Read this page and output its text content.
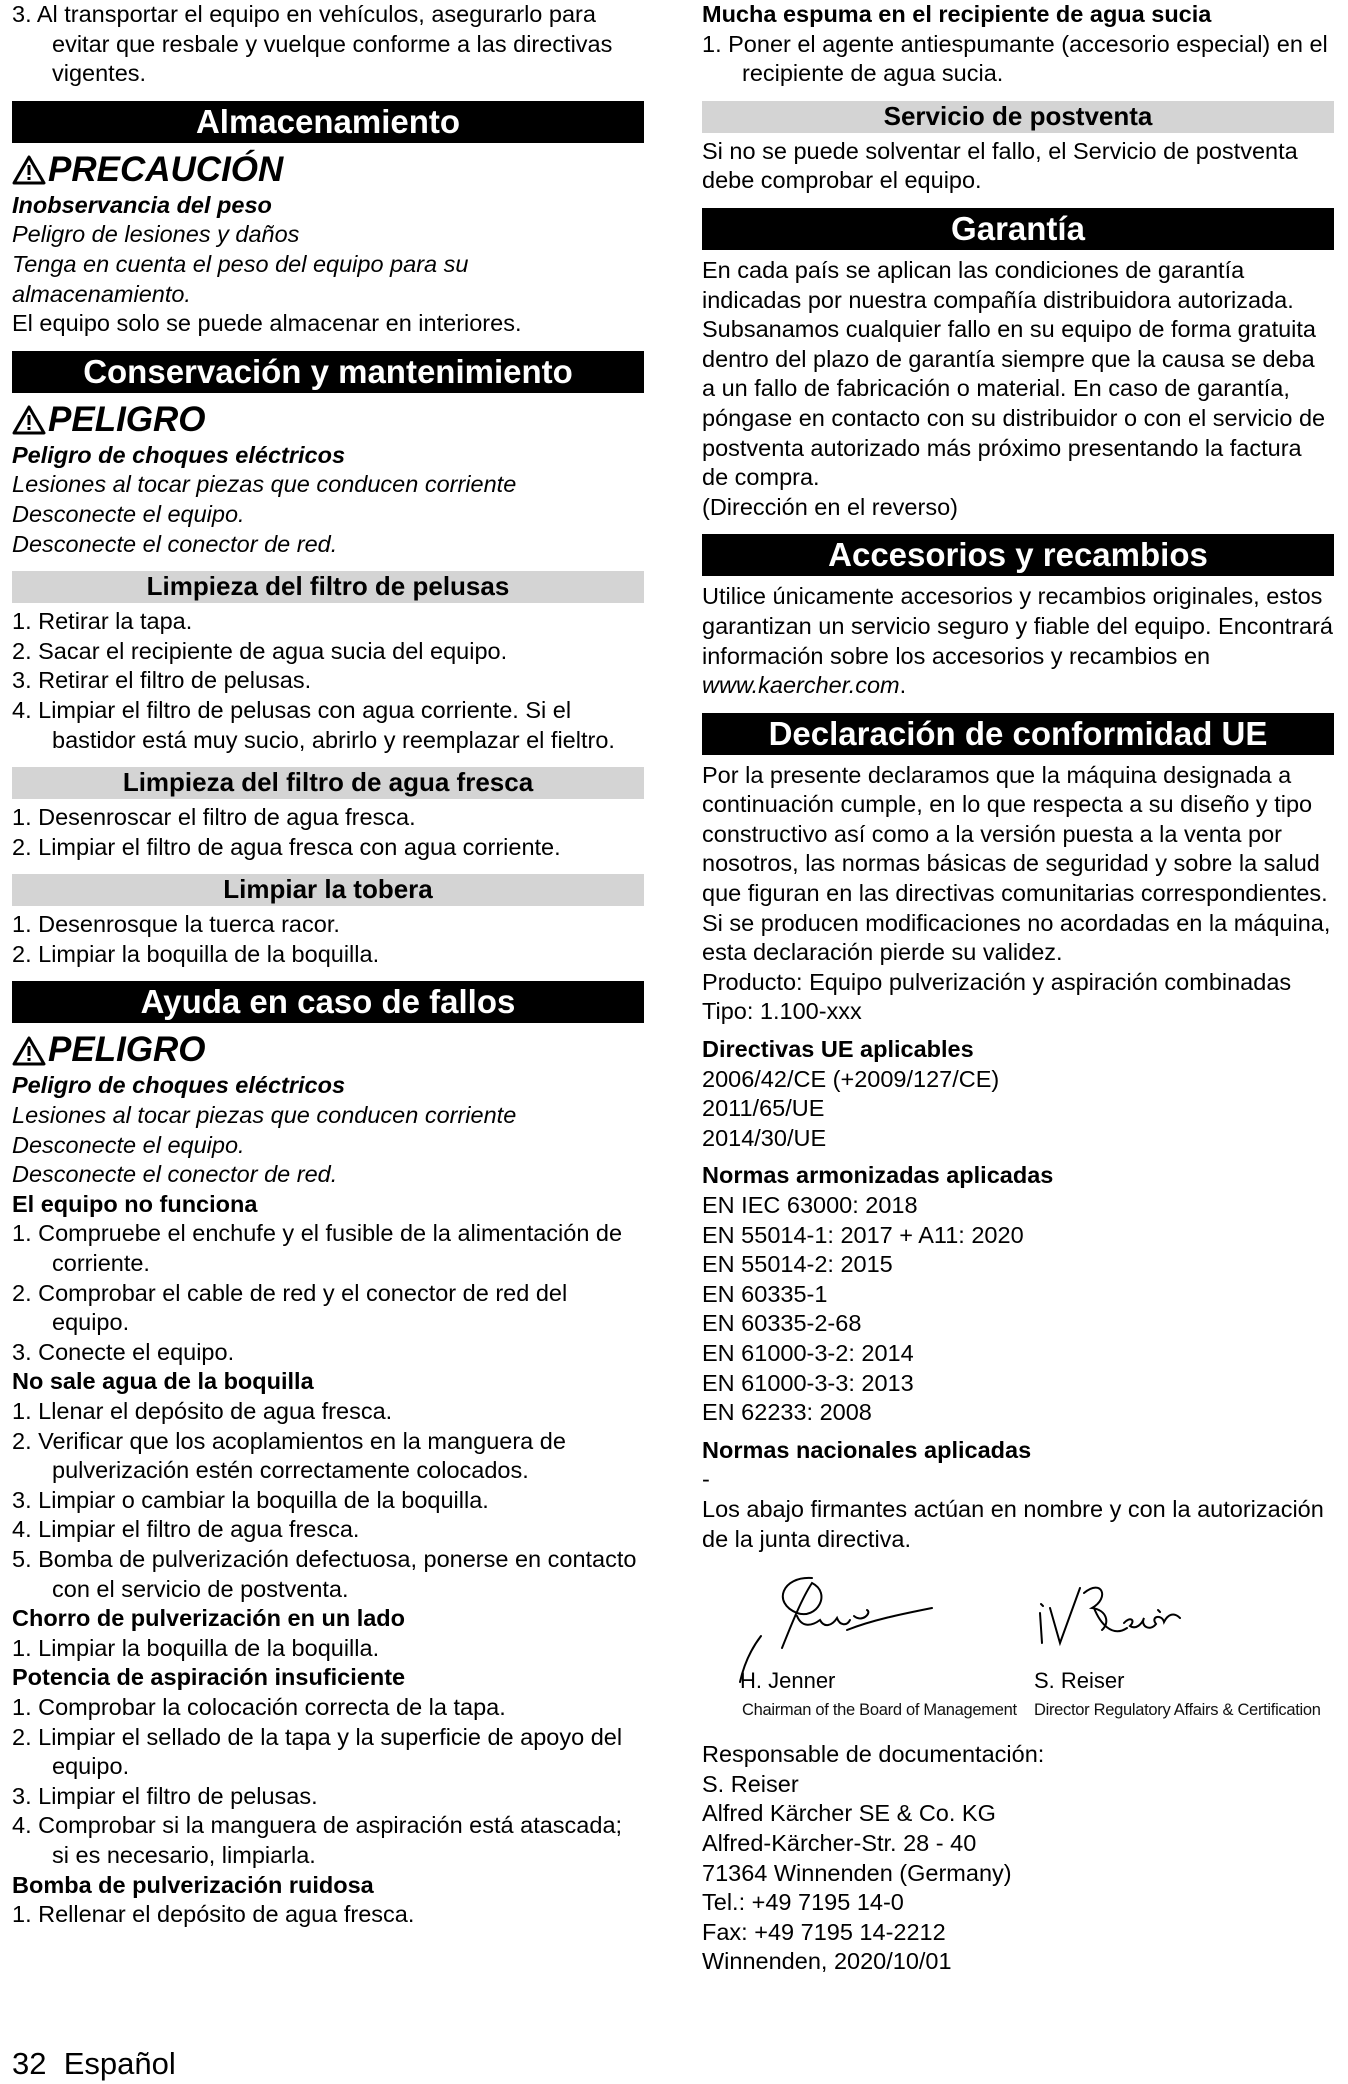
3. Al transportar el equipo en vehículos, asegurarlo para evitar que resbale y vuelque conforme a las directivas vigentes.

Almacenamiento
PRECAUCIÓN

Inobservancia del peso

Peligro de lesiones y daños

Tenga en cuenta el peso del equipo para su almacenamiento.

El equipo solo se puede almacenar en interiores.

Conservación y mantenimiento
PELIGRO

Peligro de choques eléctricos

Lesiones al tocar piezas que conducen corriente

Desconecte el equipo.

Desconecte el conector de red.

Limpieza del filtro de pelusas

1. Retirar la tapa.

2. Sacar el recipiente de agua sucia del equipo.

3. Retirar el filtro de pelusas.

4. Limpiar el filtro de pelusas con agua corriente. Si el bastidor está muy sucio, abrirlo y reemplazar el fieltro.

Limpieza del filtro de agua fresca

1. Desenroscar el filtro de agua fresca.

2. Limpiar el filtro de agua fresca con agua corriente.

Limpiar la tobera

1. Desenrosque la tuerca racor.

2. Limpiar la boquilla de la boquilla.

Ayuda en caso de fallos
PELIGRO

Peligro de choques eléctricos

Lesiones al tocar piezas que conducen corriente

Desconecte el equipo.

Desconecte el conector de red.

El equipo no funciona

1. Compruebe el enchufe y el fusible de la alimentación de corriente.

2. Comprobar el cable de red y el conector de red del equipo.

3. Conecte el equipo.

No sale agua de la boquilla

1. Llenar el depósito de agua fresca.

2. Verificar que los acoplamientos en la manguera de pulverización estén correctamente colocados.

3. Limpiar o cambiar la boquilla de la boquilla.

4. Limpiar el filtro de agua fresca.

5. Bomba de pulverización defectuosa, ponerse en contacto con el servicio de postventa.

Chorro de pulverización en un lado

1. Limpiar la boquilla de la boquilla.

Potencia de aspiración insuficiente

1. Comprobar la colocación correcta de la tapa.

2. Limpiar el sellado de la tapa y la superficie de apoyo del equipo.

3. Limpiar el filtro de pelusas.

4. Comprobar si la manguera de aspiración está atascada; si es necesario, limpiarla.

Bomba de pulverización ruidosa

1. Rellenar el depósito de agua fresca.

Mucha espuma en el recipiente de agua sucia

1. Poner el agente antiespumante (accesorio especial) en el recipiente de agua sucia.

Servicio de postventa

Si no se puede solventar el fallo, el Servicio de postventa debe comprobar el equipo.

Garantía

En cada país se aplican las condiciones de garantía indicadas por nuestra compañía distribuidora autorizada. Subsanamos cualquier fallo en su equipo de forma gratuita dentro del plazo de garantía siempre que la causa se deba a un fallo de fabricación o material. En caso de garantía, póngase en contacto con su distribuidor o con el servicio de postventa autorizado más próximo presentando la factura de compra.

(Dirección en el reverso)

Accesorios y recambios

Utilice únicamente accesorios y recambios originales, estos garantizan un servicio seguro y fiable del equipo. Encontrará información sobre los accesorios y recambios en www.kaercher.com.

Declaración de conformidad UE

Por la presente declaramos que la máquina designada a continuación cumple, en lo que respecta a su diseño y tipo constructivo así como a la versión puesta a la venta por nosotros, las normas básicas de seguridad y sobre la salud que figuran en las directivas comunitarias correspondientes. Si se producen modificaciones no acordadas en la máquina, esta declaración pierde su validez.

Producto: Equipo pulverización y aspiración combinadas

Tipo: 1.100-xxx

Directivas UE aplicables

2006/42/CE (+2009/127/CE)

2011/65/UE

2014/30/UE

Normas armonizadas aplicadas

EN IEC 63000: 2018

EN 55014-1: 2017 + A11: 2020

EN 55014-2: 2015

EN 60335-1

EN 60335-2-68

EN 61000-3-2: 2014

EN 61000-3-3: 2013

EN 62233: 2008

Normas nacionales aplicadas

-

Los abajo firmantes actúan en nombre y con la autorización de la junta directiva.

H. Jenner
Chairman of the Board of Management
S. Reiser
Director Regulatory Affairs & Certification

Responsable de documentación:

S. Reiser

Alfred Kärcher SE & Co. KG

Alfred-Kärcher-Str. 28 - 40

71364 Winnenden (Germany)

Tel.: +49 7195 14-0

Fax: +49 7195 14-2212

Winnenden, 2020/10/01

32 Español
